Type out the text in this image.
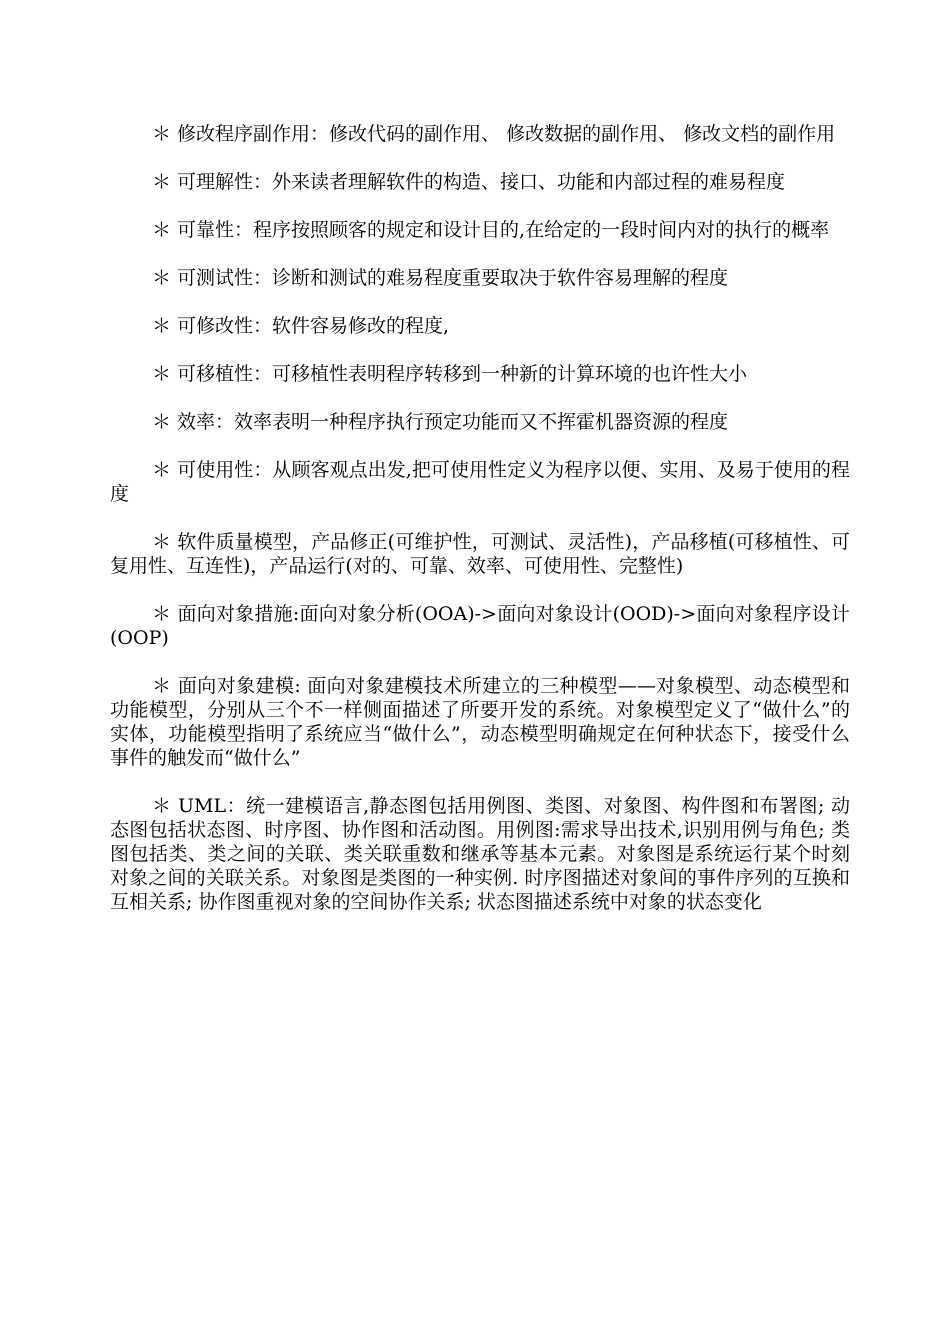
＊ 修改程序副作用：修改代码的副作用、 修改数据的副作用、 修改文档的副作用

＊ 可理解性：外来读者理解软件的构造、接口、功能和内部过程的难易程度

＊ 可靠性：程序按照顾客的规定和设计目的,在给定的一段时间内对的执行的概率

＊ 可测试性：诊断和测试的难易程度重要取决于软件容易理解的程度

＊ 可修改性：软件容易修改的程度,

＊ 可移植性：可移植性表明程序转移到一种新的计算环境的也许性大小

＊ 效率：效率表明一种程序执行预定功能而又不挥霍机器资源的程度

＊ 可使用性：从顾客观点出发,把可使用性定义为程序以便、实用、及易于使用的程度

＊ 软件质量模型，产品修正(可维护性，可测试、灵活性)，产品移植(可移植性、可复用性、互连性)，产品运行(对的、可靠、效率、可使用性、完整性)

＊ 面向对象措施:面向对象分析(OOA)->面向对象设计(OOD)->面向对象程序设计(OOP)

＊ 面向对象建模: 面向对象建模技术所建立的三种模型——对象模型、动态模型和功能模型，分别从三个不一样侧面描述了所要开发的系统。对象模型定义了“做什么”的实体，功能模型指明了系统应当“做什么”，动态模型明确规定在何种状态下，接受什么事件的触发而“做什么”

＊ UML：统一建模语言,静态图包括用例图、类图、对象图、构件图和布署图; 动态图包括状态图、时序图、协作图和活动图。用例图:需求导出技术,识别用例与角色; 类图包括类、类之间的关联、类关联重数和继承等基本元素。对象图是系统运行某个时刻对象之间的关联关系。对象图是类图的一种实例. 时序图描述对象间的事件序列的互换和互相关系; 协作图重视对象的空间协作关系; 状态图描述系统中对象的状态变化
